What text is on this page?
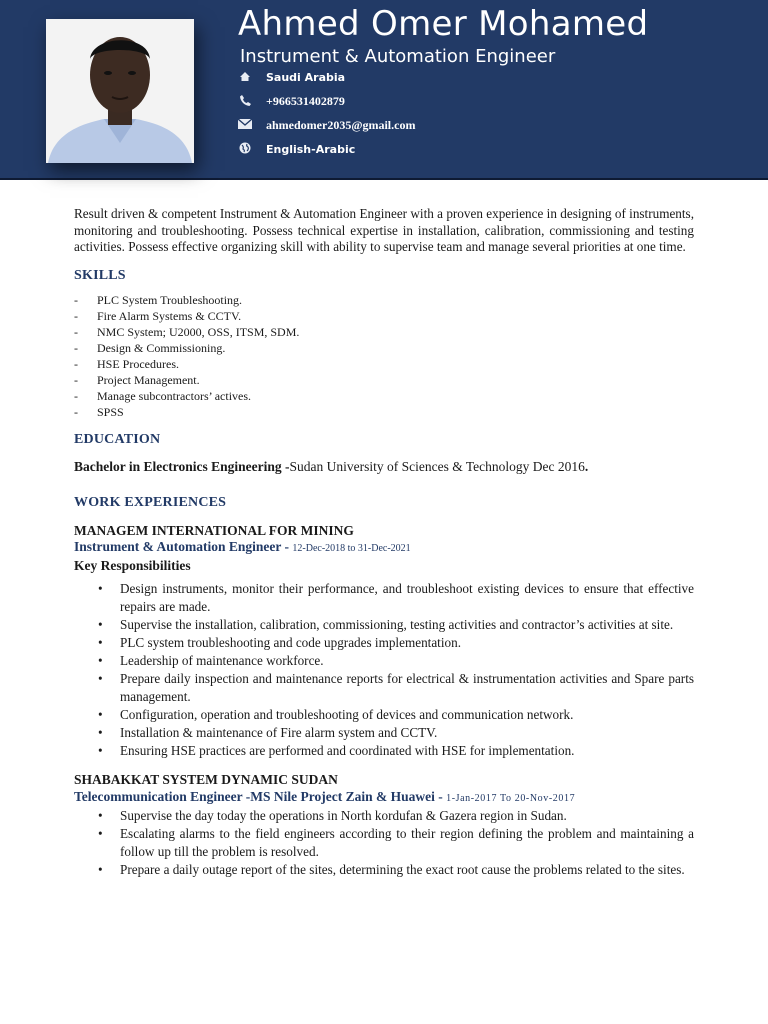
Ahmed Omer Mohamed
Instrument & Automation Engineer
Saudi Arabia
+966531402879
ahmedomer2035@gmail.com
English-Arabic

Result driven & competent Instrument & Automation Engineer with a proven experience in designing of instruments, monitoring and troubleshooting. Possess technical expertise in installation, calibration, commissioning and testing activities. Possess effective organizing skill with ability to supervise team and manage several priorities at one time.

SKILLS
- PLC System Troubleshooting.
- Fire Alarm Systems & CCTV.
- NMC System; U2000, OSS, ITSM, SDM.
- Design & Commissioning.
- HSE Procedures.
- Project Management.
- Manage subcontractors’ actives.
- SPSS
EDUCATION
Bachelor in Electronics Engineering -Sudan University of Sciences & Technology Dec 2016.
WORK EXPERIENCES
MANAGEM INTERNATIONAL FOR MINING
Instrument & Automation Engineer - 12-Dec-2018 to 31-Dec-2021
Key Responsibilities
• Design instruments, monitor their performance, and troubleshoot existing devices to ensure that effective repairs are made.
• Supervise the installation, calibration, commissioning, testing activities and contractor’s activities at site.
• PLC system troubleshooting and code upgrades implementation.
• Leadership of maintenance workforce.
• Prepare daily inspection and maintenance reports for electrical & instrumentation activities and Spare parts management.
• Configuration, operation and troubleshooting of devices and communication network.
• Installation & maintenance of Fire alarm system and CCTV.
• Ensuring HSE practices are performed and coordinated with HSE for implementation.
SHABAKKAT SYSTEM DYNAMIC SUDAN
Telecommunication Engineer -MS Nile Project Zain & Huawei - 1-Jan-2017 To 20-Nov-2017
• Supervise the day today the operations in North kordufan & Gazera region in Sudan.
• Escalating alarms to the field engineers according to their region defining the problem and maintaining a follow up till the problem is resolved.
• Prepare a daily outage report of the sites, determining the exact root cause the problems related to the sites.
